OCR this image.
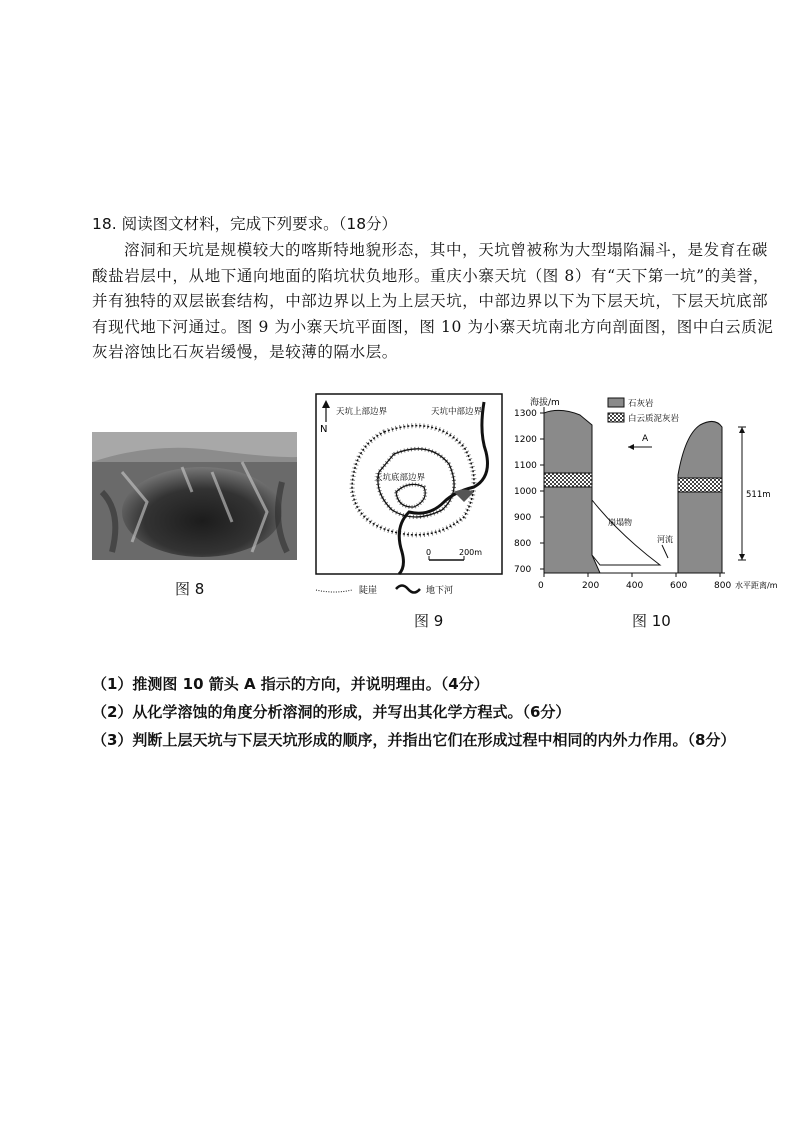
18. 阅读图文材料，完成下列要求。（18分）

溶洞和天坑是规模较大的喀斯特地貌形态，其中，天坑曾被称为大型塌陷漏斗，是发育在碳酸盐岩层中，从地下通向地面的陷坑状负地形。重庆小寨天坑（图 8）有“天下第一坑”的美誉，并有独特的双层嵌套结构，中部边界以上为上层天坑，中部边界以下为下层天坑，下层天坑底部有现代地下河通过。图 9 为小寨天坑平面图，图 10 为小寨天坑南北方向剖面图，图中白云质泥灰岩溶蚀比石灰岩缓慢，是较薄的隔水层。

图 8
N
天坑上部边界	天坑中部边界
天坑底部边界
0	200m
陡崖	地下河
图 9
海拔/m
1300
1200
1100
1000
900
800
700
0	200	400	600	800 水平距离/m
511m
A
石灰岩
白云质泥灰岩
崩塌物
河流
图 10
（1）推测图 10 箭头 A 指示的方向，并说明理由。（4分）
（2）从化学溶蚀的角度分析溶洞的形成，并写出其化学方程式。（6分）
（3）判断上层天坑与下层天坑形成的顺序，并指出它们在形成过程中相同的内外力作用。（8分）
